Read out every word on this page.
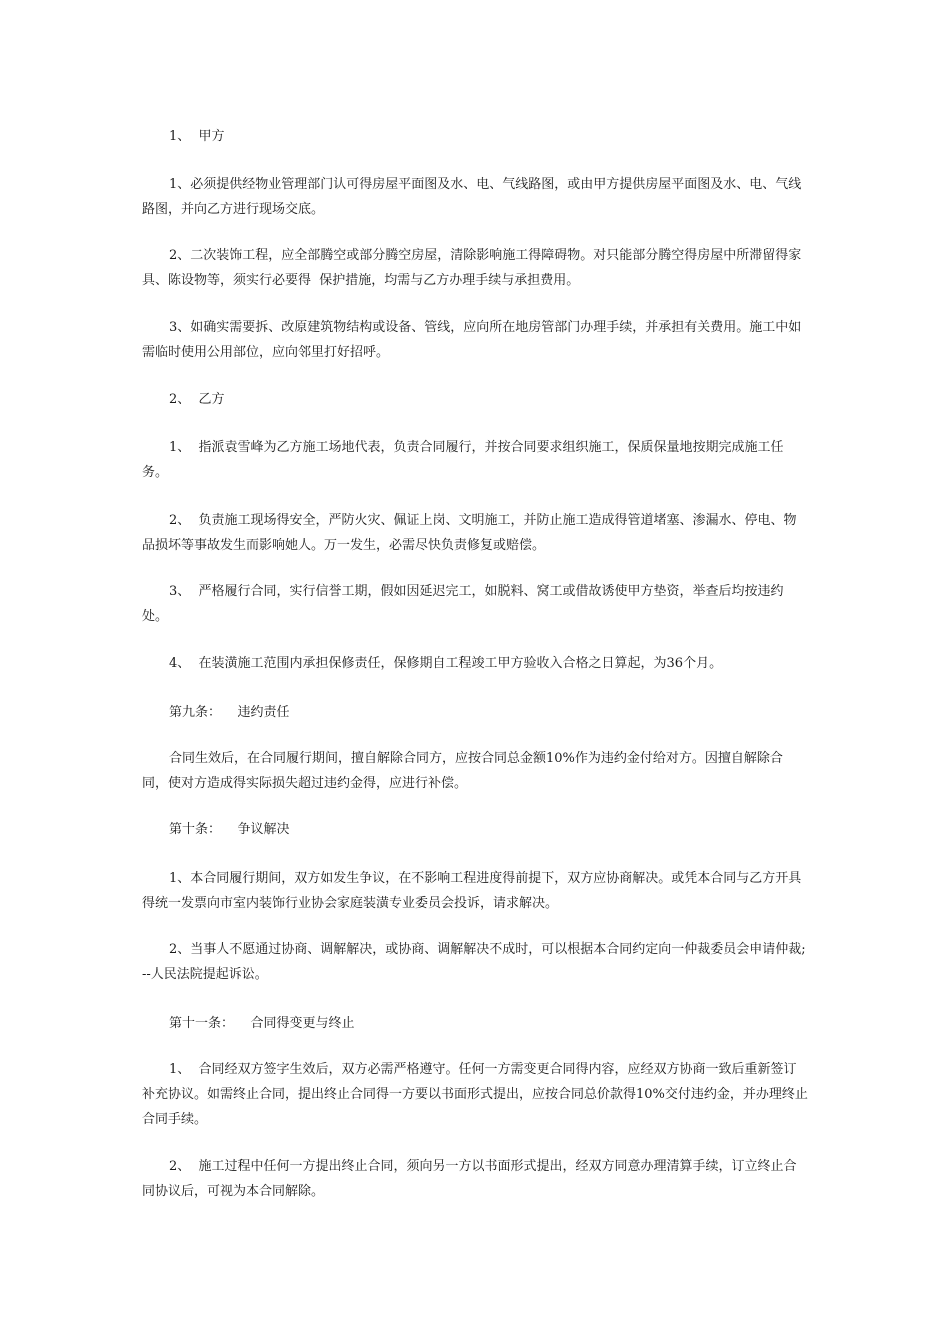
1、  甲方

1、必须提供经物业管理部门认可得房屋平面图及水、电、气线路图，或由甲方提供房屋平面图及水、电、气线路图，并向乙方进行现场交底。

2、二次装饰工程，应全部腾空或部分腾空房屋，清除影响施工得障碍物。对只能部分腾空得房屋中所滞留得家具、陈设物等，须实行必要得  保护措施，均需与乙方办理手续与承担费用。

3、如确实需要拆、改原建筑物结构或设备、管线，应向所在地房管部门办理手续，并承担有关费用。施工中如需临时使用公用部位，应向邻里打好招呼。

2、  乙方

1、  指派袁雪峰为乙方施工场地代表，负责合同履行，并按合同要求组织施工，保质保量地按期完成施工任务。

2、  负责施工现场得安全，严防火灾、佩证上岗、文明施工，并防止施工造成得管道堵塞、渗漏水、停电、物品损坏等事故发生而影响她人。万一发生，必需尽快负责修复或赔偿。

3、  严格履行合同，实行信誉工期，假如因延迟完工，如脱料、窝工或借故诱使甲方垫资，举查后均按违约处。

4、  在装潢施工范围内承担保修责任，保修期自工程竣工甲方验收入合格之日算起，为36个月。

第九条：    违约责任

合同生效后，在合同履行期间，擅自解除合同方，应按合同总金额10%作为违约金付给对方。因擅自解除合同，使对方造成得实际损失超过违约金得，应进行补偿。

第十条：    争议解决

1、本合同履行期间，双方如发生争议，在不影响工程进度得前提下，双方应协商解决。或凭本合同与乙方开具得统一发票向市室内装饰行业协会家庭装潢专业委员会投诉，请求解决。

2、当事人不愿通过协商、调解解决，或协商、调解解决不成时，可以根据本合同约定向一仲裁委员会申请仲裁;--人民法院提起诉讼。

第十一条：    合同得变更与终止

1、  合同经双方签字生效后，双方必需严格遵守。任何一方需变更合同得内容，应经双方协商一致后重新签订补充协议。如需终止合同，提出终止合同得一方要以书面形式提出，应按合同总价款得10%交付违约金，并办理终止合同手续。

2、  施工过程中任何一方提出终止合同，须向另一方以书面形式提出，经双方同意办理清算手续，订立终止合同协议后，可视为本合同解除。
